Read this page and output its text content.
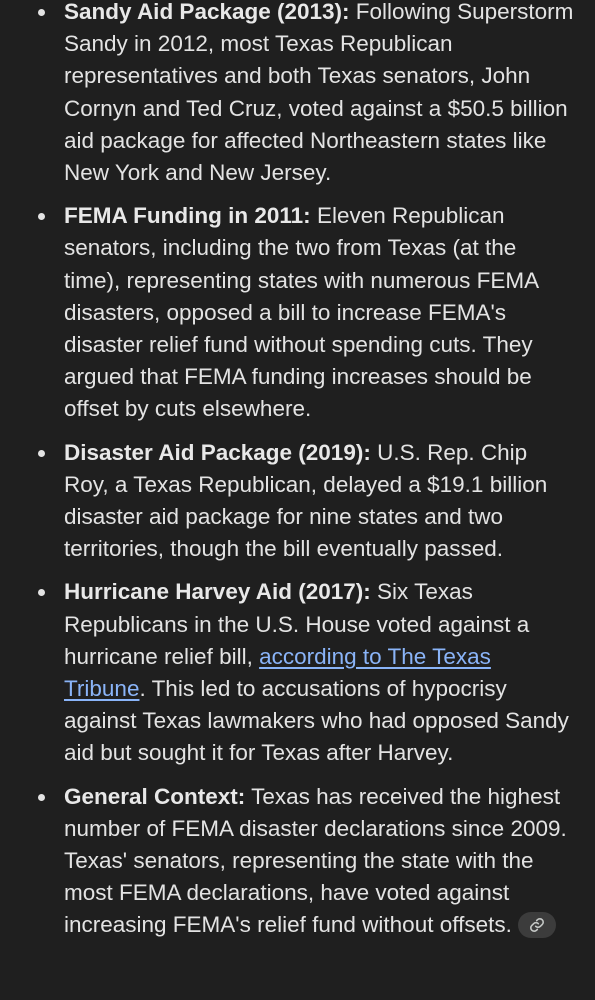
Sandy Aid Package (2013): Following Superstorm Sandy in 2012, most Texas Republican representatives and both Texas senators, John Cornyn and Ted Cruz, voted against a $50.5 billion aid package for affected Northeastern states like New York and New Jersey.
FEMA Funding in 2011: Eleven Republican senators, including the two from Texas (at the time), representing states with numerous FEMA disasters, opposed a bill to increase FEMA's disaster relief fund without spending cuts. They argued that FEMA funding increases should be offset by cuts elsewhere.
Disaster Aid Package (2019): U.S. Rep. Chip Roy, a Texas Republican, delayed a $19.1 billion disaster aid package for nine states and two territories, though the bill eventually passed.
Hurricane Harvey Aid (2017): Six Texas Republicans in the U.S. House voted against a hurricane relief bill, according to The Texas Tribune. This led to accusations of hypocrisy against Texas lawmakers who had opposed Sandy aid but sought it for Texas after Harvey.
General Context: Texas has received the highest number of FEMA disaster declarations since 2009. Texas' senators, representing the state with the most FEMA declarations, have voted against increasing FEMA's relief fund without offsets.
